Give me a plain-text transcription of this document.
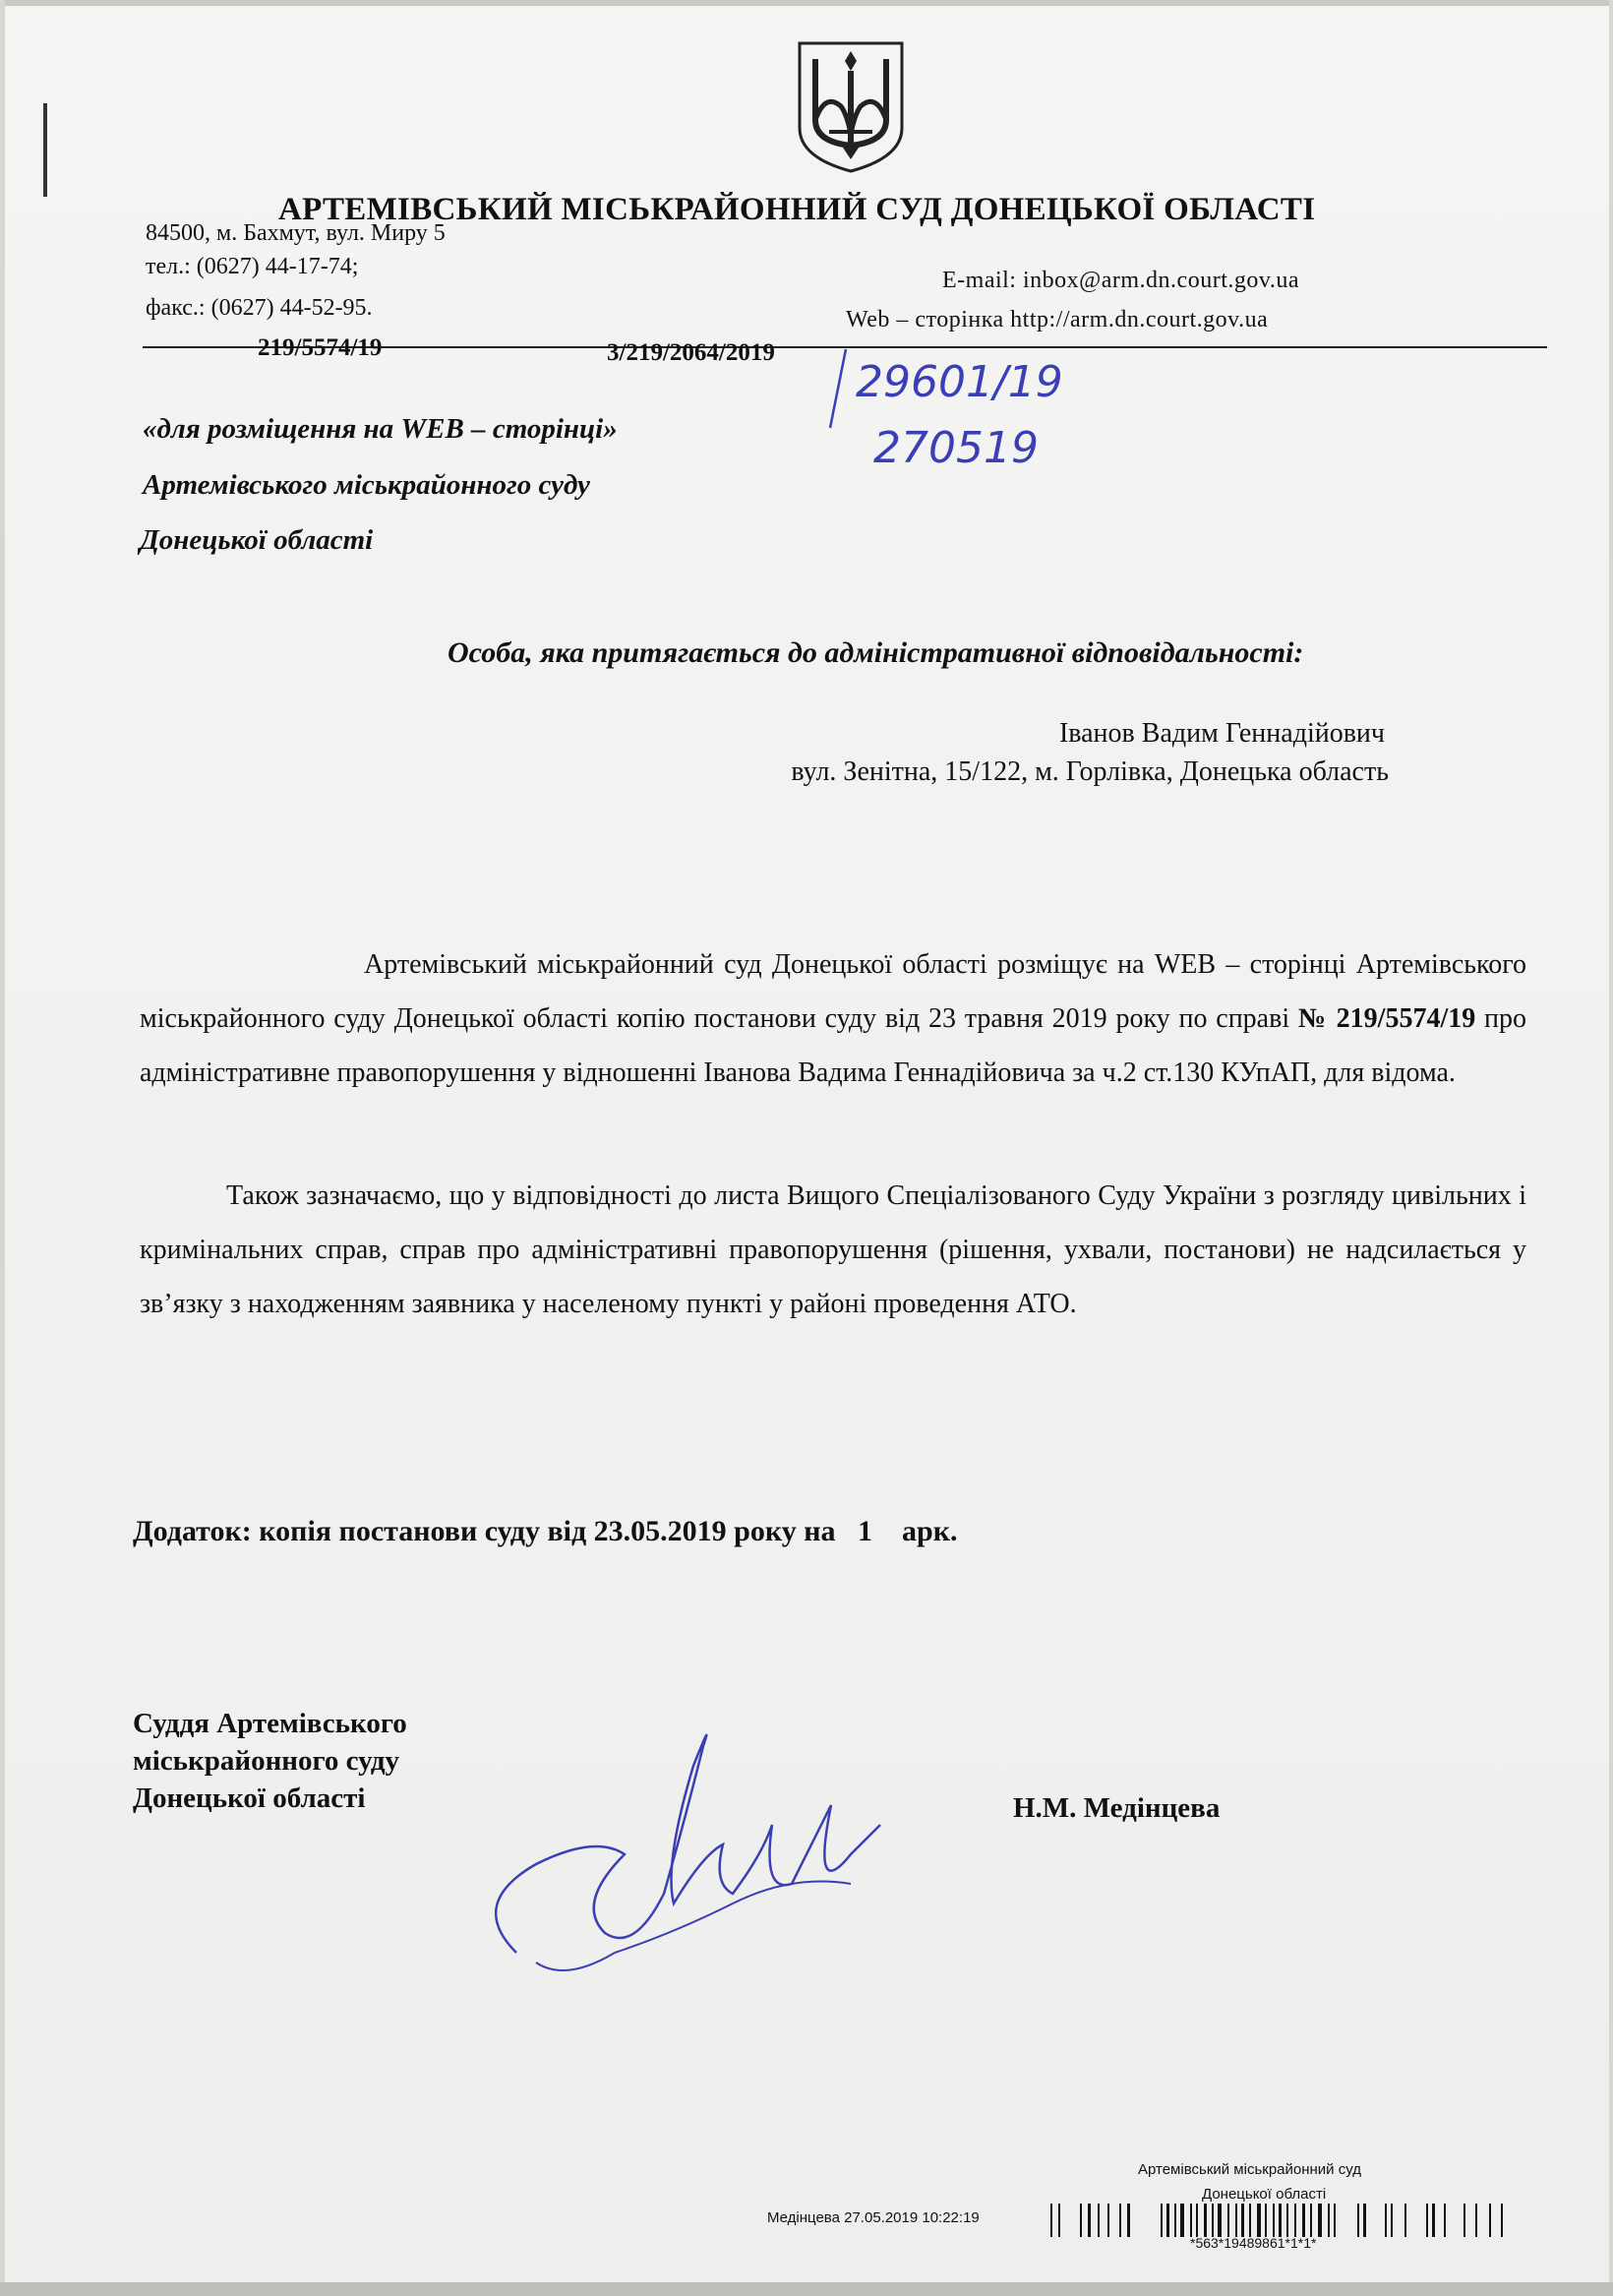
АРТЕМІВСЬКИЙ МІСЬКРАЙОННИЙ СУД ДОНЕЦЬКОЇ ОБЛАСТІ
84500, м. Бахмут, вул. Миру 5
тел.: (0627) 44-17-74;
факс.: (0627) 44-52-95.
E-mail: inbox@arm.dn.court.gov.ua
Web – сторінка http://arm.dn.court.gov.ua
219/5574/19	3/219/2064/2019
29601/19
270519
«для розміщення на WEB – сторінці»
Артемівського міськрайонного суду
Донецької області
Особа, яка притягається до адміністративної відповідальності:
Іванов Вадим Геннадійович
вул. Зенітна, 15/122, м. Горлівка, Донецька область
Артемівський міськрайонний суд Донецької області розміщує на WEB – сторінці Артемівського міськрайонного суду Донецької області копію постанови суду від 23 травня 2019 року по справі № 219/5574/19 про адміністративне правопорушення у відношенні Іванова Вадима Геннадійовича за ч.2 ст.130 КУпАП, для відома.
Також зазначаємо, що у відповідності до листа Вищого Спеціалізованого Суду України з розгляду цивільних і кримінальних справ, справ про адміністративні правопорушення (рішення, ухвали, постанови) не надсилається у зв’язку з находженням заявника у населеному пункті у районі проведення АТО.
Додаток: копія постанови суду від 23.05.2019 року на   1    арк.
Суддя Артемівського
міськрайонного суду
Донецької області	Н.М. Медінцева
Артемівський міськрайонний суд
Донецької області
Медінцева 27.05.2019 10:22:19
*563*19489861*1*1*
